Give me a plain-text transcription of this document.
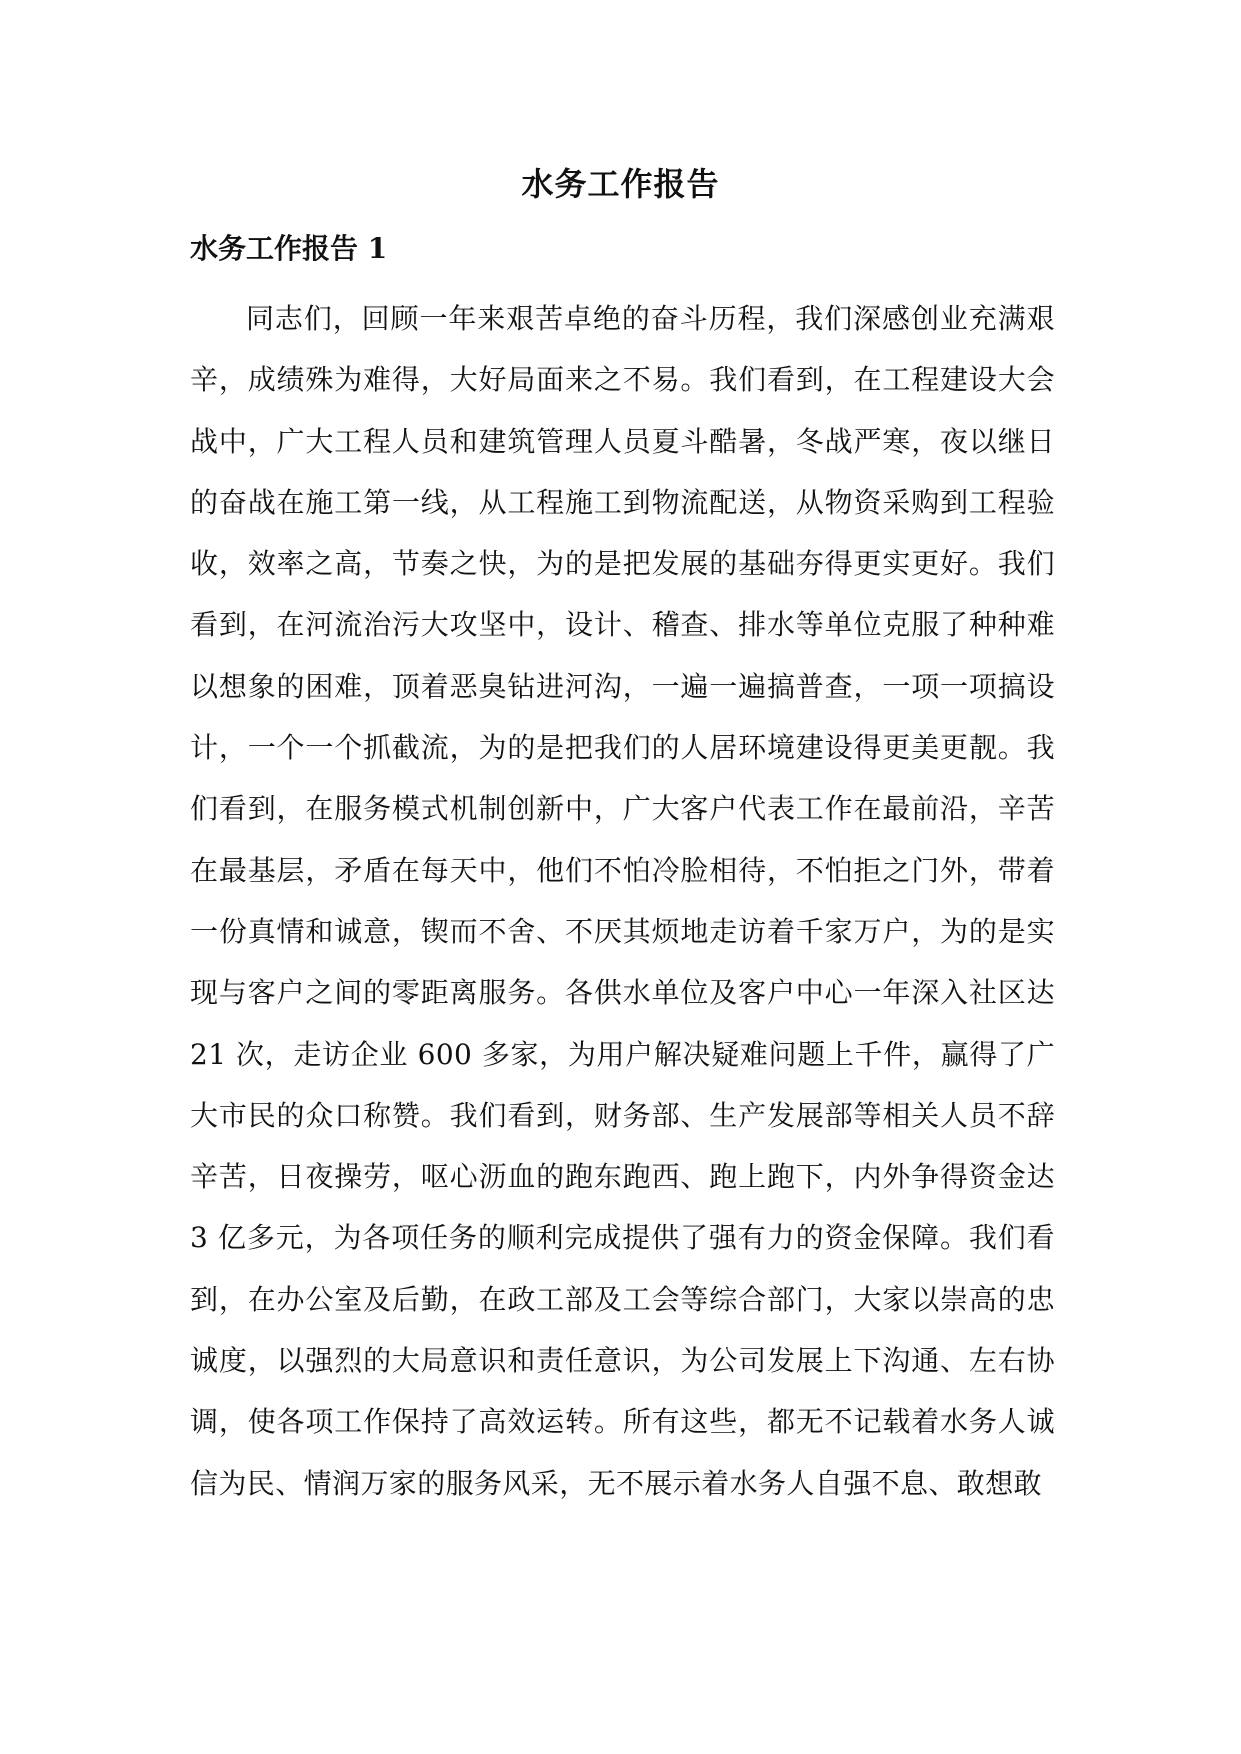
水务工作报告
水务工作报告 1

同志们，回顾一年来艰苦卓绝的奋斗历程，我们深感创业充满艰辛，成绩殊为难得，大好局面来之不易。我们看到，在工程建设大会战中，广大工程人员和建筑管理人员夏斗酷暑，冬战严寒，夜以继日的奋战在施工第一线，从工程施工到物流配送，从物资采购到工程验收，效率之高，节奏之快，为的是把发展的基础夯得更实更好。我们看到，在河流治污大攻坚中，设计、稽查、排水等单位克服了种种难以想象的困难，顶着恶臭钻进河沟，一遍一遍搞普查，一项一项搞设计，一个一个抓截流，为的是把我们的人居环境建设得更美更靓。我们看到，在服务模式机制创新中，广大客户代表工作在最前沿，辛苦在最基层，矛盾在每天中，他们不怕冷脸相待，不怕拒之门外，带着一份真情和诚意，锲而不舍、不厌其烦地走访着千家万户，为的是实现与客户之间的零距离服务。各供水单位及客户中心一年深入社区达 21 次，走访企业 600 多家，为用户解决疑难问题上千件，赢得了广大市民的众口称赞。我们看到，财务部、生产发展部等相关人员不辞辛苦，日夜操劳，呕心沥血的跑东跑西、跑上跑下，内外争得资金达 3 亿多元，为各项任务的顺利完成提供了强有力的资金保障。我们看到，在办公室及后勤，在政工部及工会等综合部门，大家以崇高的忠诚度，以强烈的大局意识和责任意识，为公司发展上下沟通、左右协调，使各项工作保持了高效运转。所有这些，都无不记载着水务人诚信为民、情润万家的服务风采，无不展示着水务人自强不息、敢想敢
